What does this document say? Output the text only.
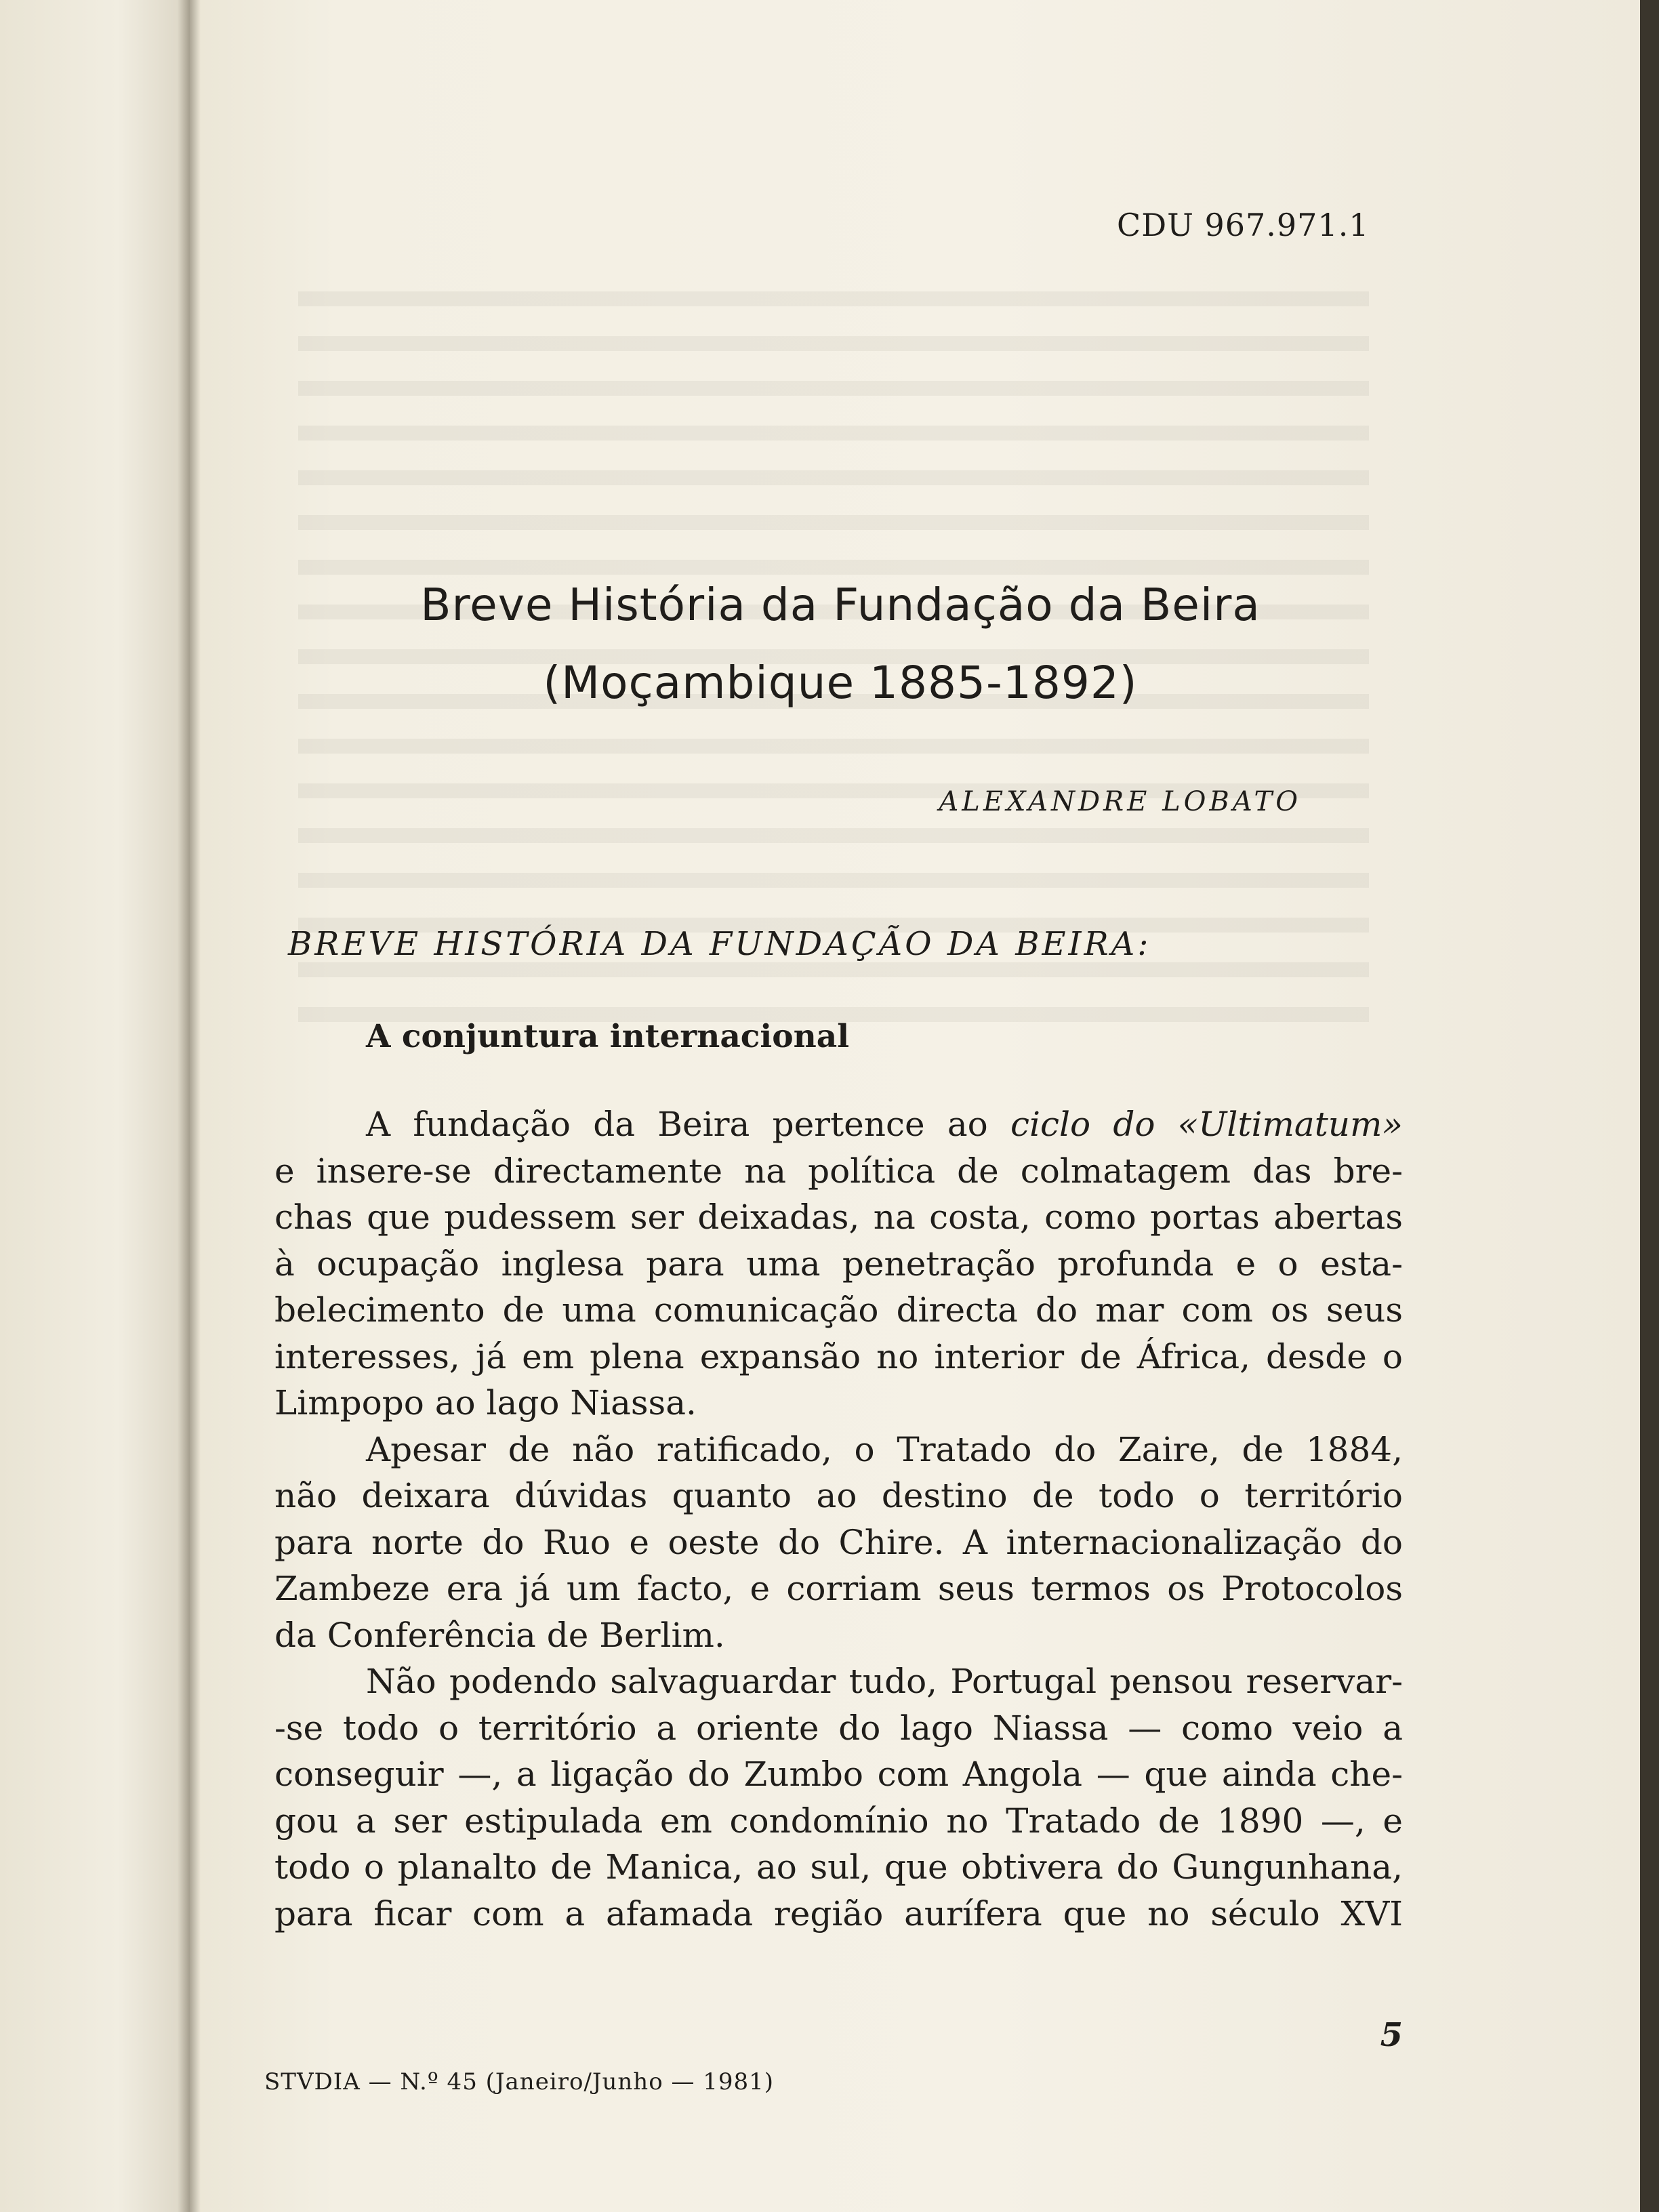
CDU 967.971.1
Breve História da Fundação da Beira
(Moçambique 1885-1892)
ALEXANDRE LOBATO
BREVE HISTÓRIA DA FUNDAÇÃO DA BEIRA:
A conjuntura internacional
A fundação da Beira pertence ao ciclo do «Ultimatum»
e insere-se directamente na política de colmatagem das bre-
chas que pudessem ser deixadas, na costa, como portas abertas
à ocupação inglesa para uma penetração profunda e o esta-
belecimento de uma comunicação directa do mar com os seus
interesses, já em plena expansão no interior de África, desde o
Limpopo ao lago Niassa.
Apesar de não ratificado, o Tratado do Zaire, de 1884,
não deixara dúvidas quanto ao destino de todo o território
para norte do Ruo e oeste do Chire. A internacionalização do
Zambeze era já um facto, e corriam seus termos os Protocolos
da Conferência de Berlim.
Não podendo salvaguardar tudo, Portugal pensou reservar-
-se todo o território a oriente do lago Niassa — como veio a
conseguir —, a ligação do Zumbo com Angola — que ainda che-
gou a ser estipulada em condomínio no Tratado de 1890 —, e
todo o planalto de Manica, ao sul, que obtivera do Gungunhana,
para ficar com a afamada região aurífera que no século XVI
5
STVDIA — N.º 45 (Janeiro/Junho — 1981)
